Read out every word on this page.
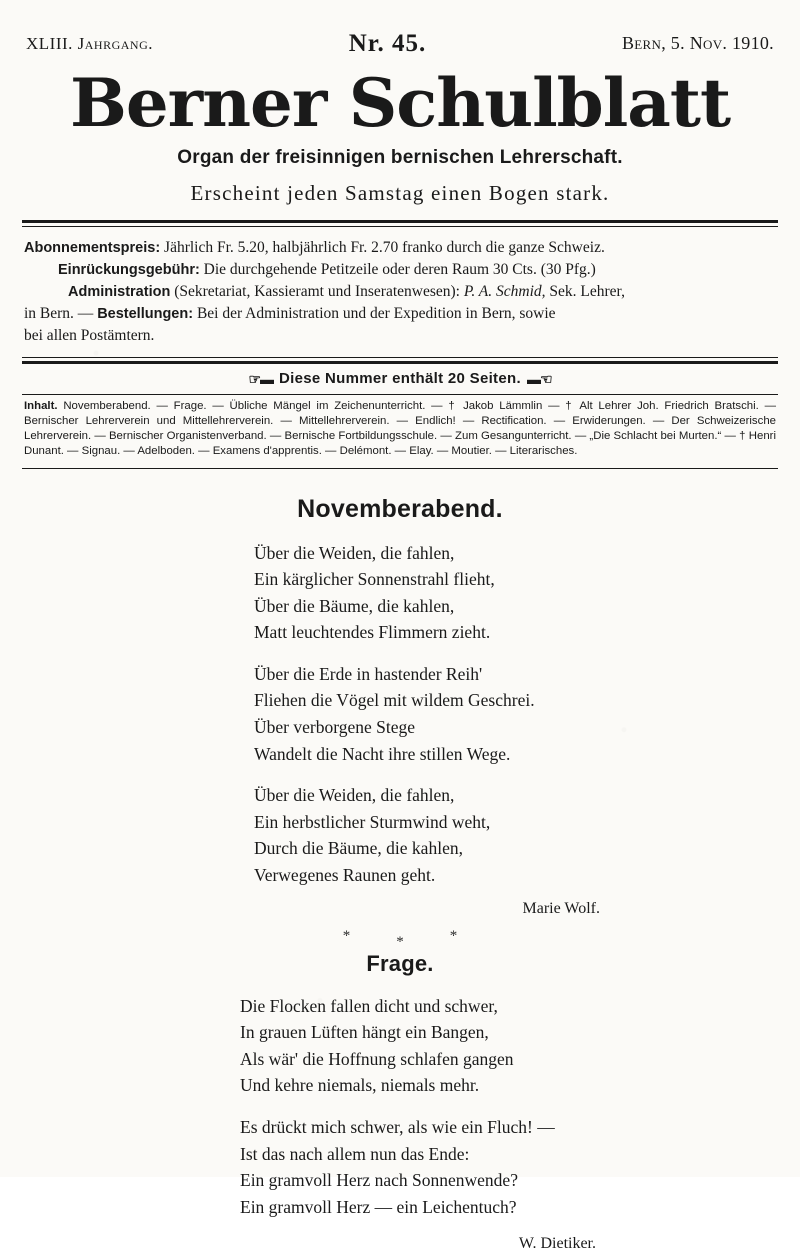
XLIII. Jahrgang.	Nr. 45.	Bern, 5. Nov. 1910.
Berner Schulblatt
Organ der freisinnigen bernischen Lehrerschaft.
Erscheint jeden Samstag einen Bogen stark.

Abonnementspreis: Jährlich Fr. 5.20, halbjährlich Fr. 2.70 franko durch die ganze Schweiz.

Einrückungsgebühr: Die durchgehende Petitzeile oder deren Raum 30 Cts. (30 Pfg.)

Administration (Sekretariat, Kassieramt und Inseratenwesen): P. A. Schmid, Sek. Lehrer,

in Bern. — Bestellungen: Bei der Administration und der Expedition in Bern, sowie

bei allen Postämtern.

☞▬ Diese Nummer enthält 20 Seiten. ▬☜
Inhalt. Novemberabend. — Frage. — Übliche Mängel im Zeichenunterricht. — † Jakob Lämmlin — † Alt Lehrer Joh. Friedrich Bratschi. — Bernischer Lehrerverein und Mittellehrerverein. — Mittellehrerverein. — Endlich! — Rectification. — Erwiderungen. — Der Schweizerische Lehrerverein. — Bernischer Organistenverband. — Bernische Fortbildungsschule. — Zum Gesangunterricht. — „Die Schlacht bei Murten.“ — † Henri Dunant. — Signau. — Adelboden. — Examens d'apprentis. — Delémont. — Elay. — Moutier. — Literarisches.
Novemberabend.
Über die Weiden, die fahlen,
Ein kärglicher Sonnenstrahl flieht,
Über die Bäume, die kahlen,
Matt leuchtendes Flimmern zieht.
Über die Erde in hastender Reih'
Fliehen die Vögel mit wildem Geschrei.
Über verborgene Stege
Wandelt die Nacht ihre stillen Wege.
Über die Weiden, die fahlen,
Ein herbstlicher Sturmwind weht,
Durch die Bäume, die kahlen,
Verwegenes Raunen geht.
Marie Wolf.
***
Frage.
Die Flocken fallen dicht und schwer,
In grauen Lüften hängt ein Bangen,
Als wär' die Hoffnung schlafen gangen
Und kehre niemals, niemals mehr.
Es drückt mich schwer, als wie ein Fluch! —
Ist das nach allem nun das Ende:
Ein gramvoll Herz nach Sonnenwende?
Ein gramvoll Herz — ein Leichentuch?
W. Dietiker.
